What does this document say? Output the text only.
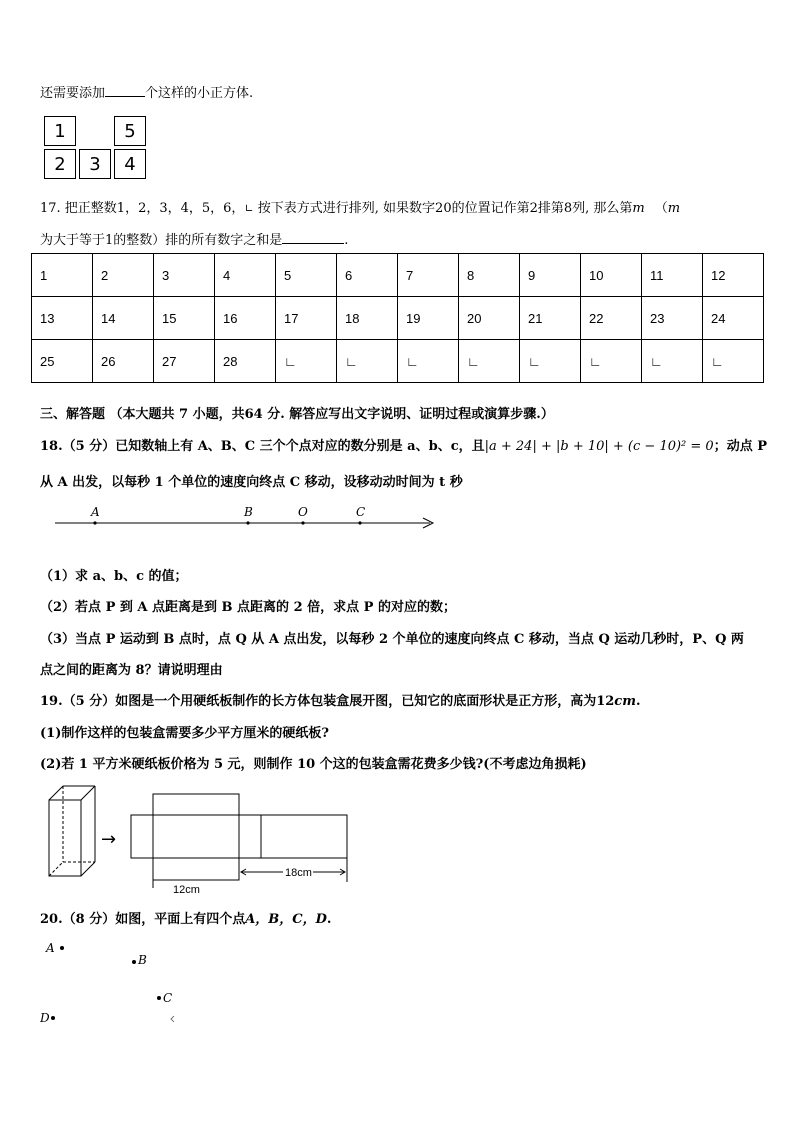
还需要添加	个这样的小正方体.
1	5
2	3	4
17. 把正整数1，2，3，4，5，6，∟ 按下表方式进行排列, 如果数字20的位置记作第2排第8列, 那么第m （m
为大于等于1的整数）排的所有数字之和是	.
1	2	3	4	5	6	7	8	9	10	11	12
13	14	15	16	17	18	19	20	21	22	23	24
25	26	27	28	∟	∟	∟	∟	∟	∟	∟	∟
三、解答题 （本大题共 7 小题，共64 分. 解答应写出文字说明、证明过程或演算步骤.）
18.（5 分）已知数轴上有 A、B、C 三个个点对应的数分别是 a、b、c，且|a + 24| + |b + 10| + (c − 10)² = 0；动点 P
从 A 出发，以每秒 1 个单位的速度向终点 C 移动，设移动动时间为 t 秒
A	B	O	C
（1）求 a、b、c 的值；
（2）若点 P 到 A 点距离是到 B 点距离的 2 倍，求点 P 的对应的数；
（3）当点 P 运动到 B 点时，点 Q 从 A 点出发，以每秒 2 个单位的速度向终点 C 移动，当点 Q 运动几秒时，P、Q 两
点之间的距离为 8？请说明理由
19.（5 分）如图是一个用硬纸板制作的长方体包装盒展开图，已知它的底面形状是正方形，高为12cm.
(1)制作这样的包装盒需要多少平方厘米的硬纸板?
(2)若 1 平方米硬纸板价格为 5 元，则制作 10 个这的包装盒需花费多少钱?(不考虑边角损耗)
→
18cm
12cm
20.（8 分）如图，平面上有四个点A，B，C，D.
A
B
C
D
